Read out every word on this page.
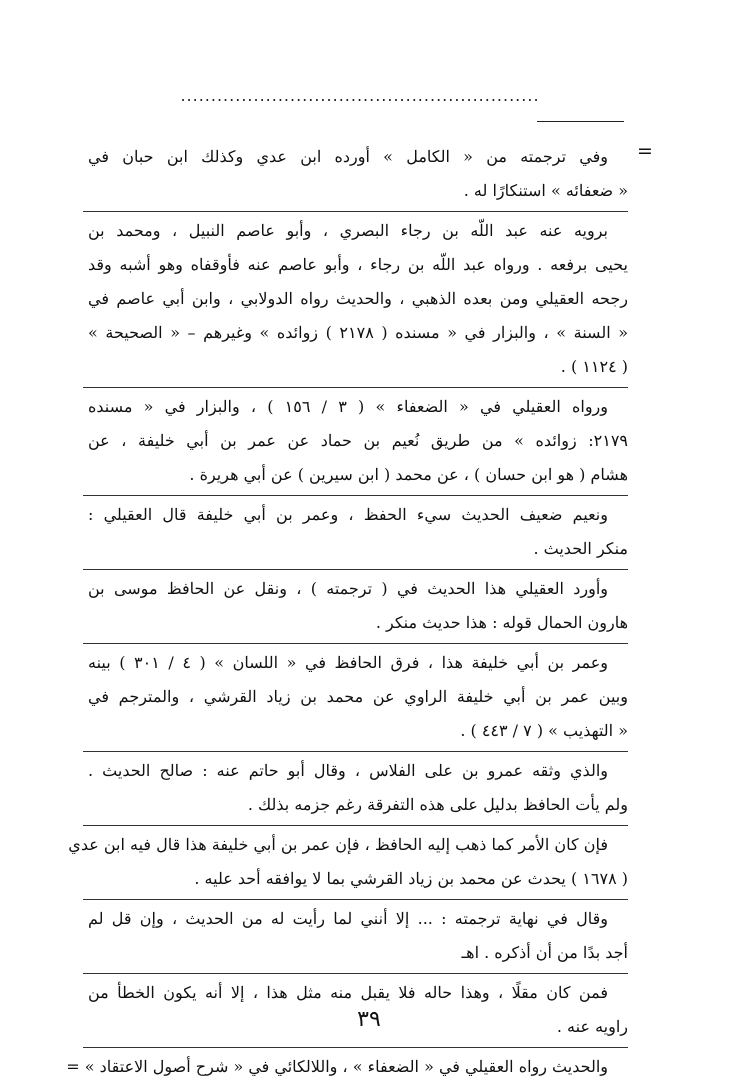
...........................................................
=
وفي ترجمته من « الكامل » أورده ابن عدي وكذلك ابن حبان في
« ضعفائه » استنكارًا له .
برويه عنه عبد اللّه بن رجاء البصري ، وأبو عاصم النبيل ، ومحمد بن
يحيى برفعه . ورواه عبد اللّه بن رجاء ، وأبو عاصم عنه فأوقفاه وهو أشبه وقد
رجحه العقيلي ومن بعده الذهبي ، والحديث رواه الدولابي ، وابن أبي عاصم في
« السنة » ، والبزار في « مسنده ( ٢١٧٨ ) زوائده » وغيرهم – « الصحيحة »
( ١١٢٤ ) .
ورواه العقيلي في « الضعفاء » ( ٣ / ١٥٦ ) ، والبزار في « مسنده
٢١٧٩: زوائده » من طريق نُعيم بن حماد عن عمر بن أبي خليفة ، عن
هشام ( هو ابن حسان ) ، عن محمد ( ابن سيرين ) عن أبي هريرة .
ونعيم ضعيف الحديث سيء الحفظ ، وعمر بن أبي خليفة قال العقيلي :
منكر الحديث .
وأورد العقيلي هذا الحديث في ( ترجمته ) ، ونقل عن الحافظ موسى بن
هارون الحمال قوله : هذا حديث منكر .
وعمر بن أبي خليفة هذا ، فرق الحافظ في « اللسان » ( ٤ / ٣٠١ ) بينه
وبين عمر بن أبي خليفة الراوي عن محمد بن زياد القرشي ، والمترجم في
« التهذيب » ( ٧ / ٤٤٣ ) .
والذي وثقه عمرو بن على الفلاس ، وقال أبو حاتم عنه : صالح الحديث .
ولم يأت الحافظ بدليل على هذه التفرقة رغم جزمه بذلك .
فإن كان الأمر كما ذهب إليه الحافظ ، فإن عمر بن أبي خليفة هذا قال فيه ابن عدي
( ١٦٧٨ ) يحدث عن محمد بن زياد القرشي بما لا يوافقه أحد عليه .
وقال في نهاية ترجمته : ... إلا أنني لما رأيت له من الحديث ، وإن قل لم
أجد بدًا من أن أذكره . اهـ
فمن كان مقلًا ، وهذا حاله فلا يقبل منه مثل هذا ، إلا أنه يكون الخطأ من
راويه عنه .
والحديث رواه العقيلي في « الضعفاء » ، واللالكائي في « شرح أصول الاعتقاد » =
٣٩
